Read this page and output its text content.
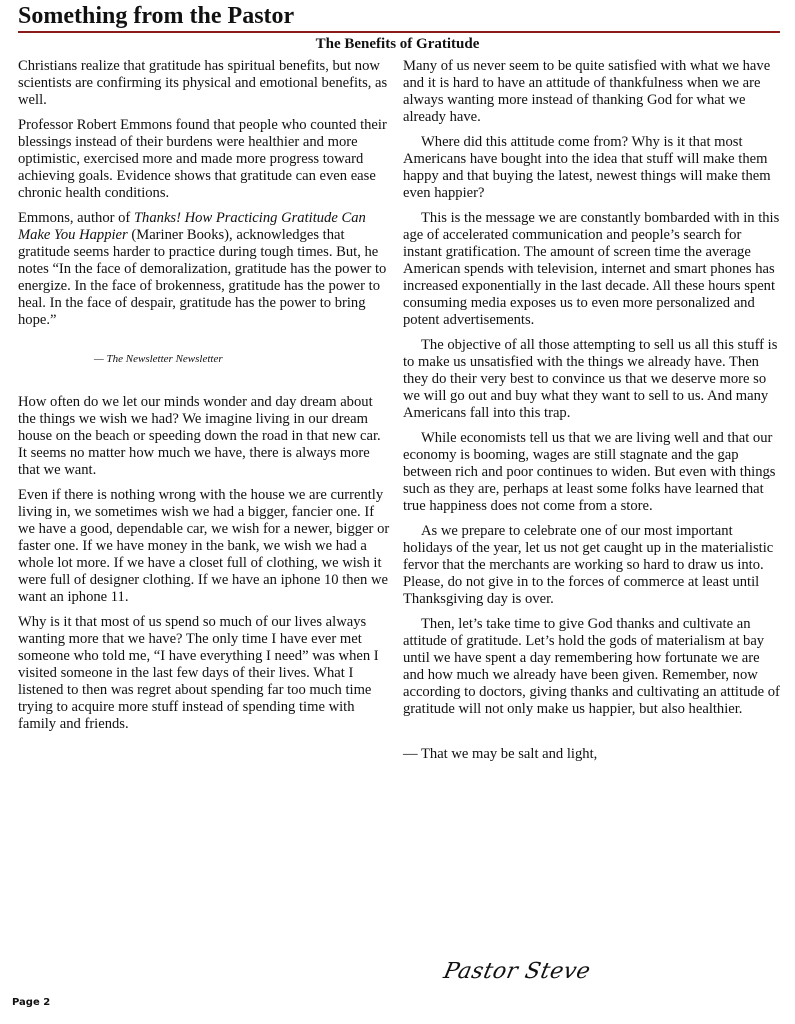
Something from the Pastor
The Benefits of Gratitude

Christians realize that gratitude has spiritual benefits, but now scientists are confirming its physical and emotional benefits, as well.

Professor Robert Emmons found that people who counted their blessings instead of their burdens were healthier and more optimistic, exercised more and made more progress toward achieving goals. Evidence shows that gratitude can even ease chronic health conditions.

Emmons, author of Thanks! How Practicing Gratitude Can Make You Happier (Mariner Books), acknowledges that gratitude seems harder to practice during tough times. But, he notes “In the face of demoralization, gratitude has the power to energize. In the face of brokenness, gratitude has the power to heal. In the face of despair, gratitude has the power to bring hope.”

— The Newsletter Newsletter

How often do we let our minds wonder and day dream about the things we wish we had? We imagine living in our dream house on the beach or speeding down the road in that new car. It seems no matter how much we have, there is always more that we want.

Even if there is nothing wrong with the house we are currently living in, we sometimes wish we had a bigger, fancier one. If we have a good, dependable car, we wish for a newer, bigger or faster one. If we have money in the bank, we wish we had a whole lot more. If we have a closet full of clothing, we wish it were full of designer clothing. If we have an iphone 10 then we want an iphone 11.

Why is it that most of us spend so much of our lives always wanting more that we have? The only time I have ever met someone who told me, “I have everything I need” was when I visited someone in the last few days of their lives. What I listened to then was regret about spending far too much time trying to acquire more stuff instead of spending time with family and friends.

Many of us never seem to be quite satisfied with what we have and it is hard to have an attitude of thankfulness when we are always wanting more instead of thanking God for what we already have.

Where did this attitude come from? Why is it that most Americans have bought into the idea that stuff will make them happy and that buying the latest, newest things will make them even happier?

This is the message we are constantly bombarded with in this age of accelerated communication and people’s search for instant gratification. The amount of screen time the average American spends with television, internet and smart phones has increased exponentially in the last decade. All these hours spent consuming media exposes us to even more personalized and potent advertisements.

The objective of all those attempting to sell us all this stuff is to make us unsatisfied with the things we already have. Then they do their very best to convince us that we deserve more so we will go out and buy what they want to sell to us. And many Americans fall into this trap.

While economists tell us that we are living well and that our economy is booming, wages are still stagnate and the gap between rich and poor continues to widen. But even with things such as they are, perhaps at least some folks have learned that true happiness does not come from a store.

As we prepare to celebrate one of our most important holidays of the year, let us not get caught up in the materialistic fervor that the merchants are working so hard to draw us into. Please, do not give in to the forces of commerce at least until Thanksgiving day is over.

Then, let’s take time to give God thanks and cultivate an attitude of gratitude. Let’s hold the gods of materialism at bay until we have spent a day remembering how fortunate we are and how much we already have been given. Remember, now according to doctors, giving thanks and cultivating an attitude of gratitude will not only make us happier, but also healthier.

— That we may be salt and light,

Pastor Steve
Page 2
